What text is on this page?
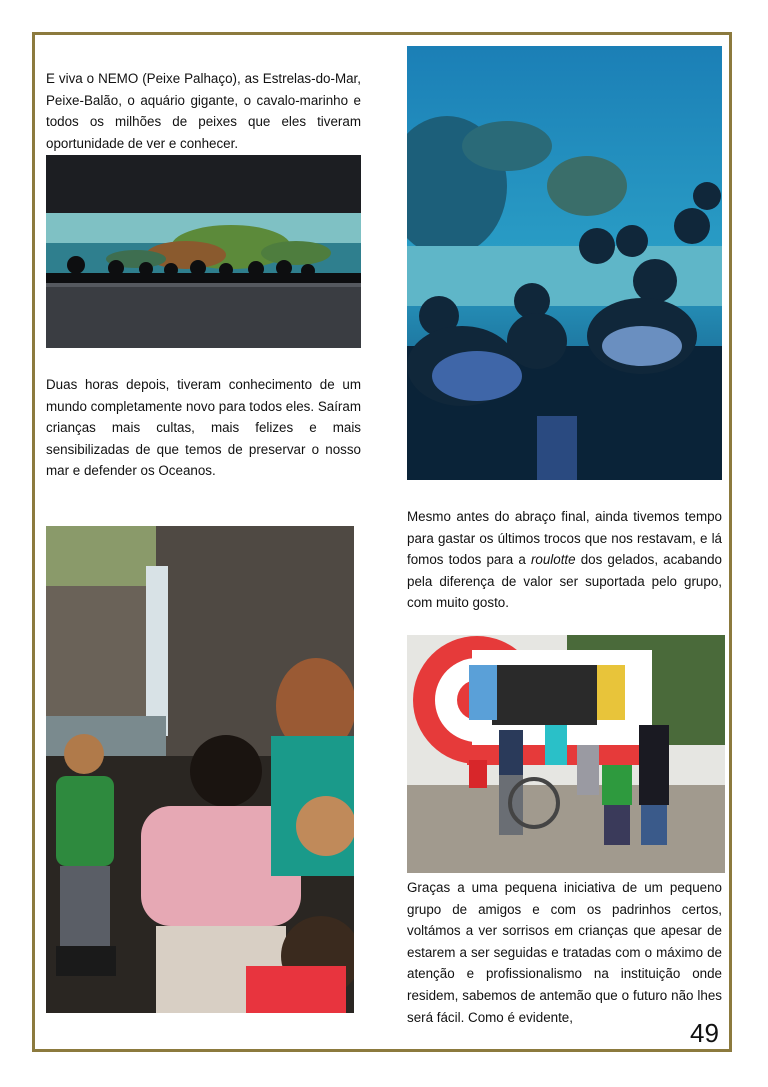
E viva o NEMO (Peixe Palhaço), as Estrelas-do-Mar, Peixe-Balão, o aquário gigante, o cavalo-marinho e todos os milhões de peixes que eles tiveram oportunidade de ver e conhecer.

Duas horas depois, tiveram conhecimento de um mundo completamente novo para todos eles. Saíram crianças mais cultas, mais felizes e mais sensibilizadas de que temos de preservar o nosso mar e defender os Oceanos.

Mesmo antes do abraço final, ainda tivemos tempo para gastar os últimos trocos que nos restavam, e lá fomos todos para a roulotte dos gelados, acabando pela diferença de valor ser suportada pelo grupo, com muito gosto.

Graças a uma pequena iniciativa de um pequeno grupo de amigos e com os padrinhos certos, voltámos a ver sorrisos em crianças que apesar de estarem a ser seguidas e tratadas com o máximo de atenção e profissionalismo na instituição onde residem, sabemos de antemão que o futuro não lhes será fácil. Como é evidente,

49
